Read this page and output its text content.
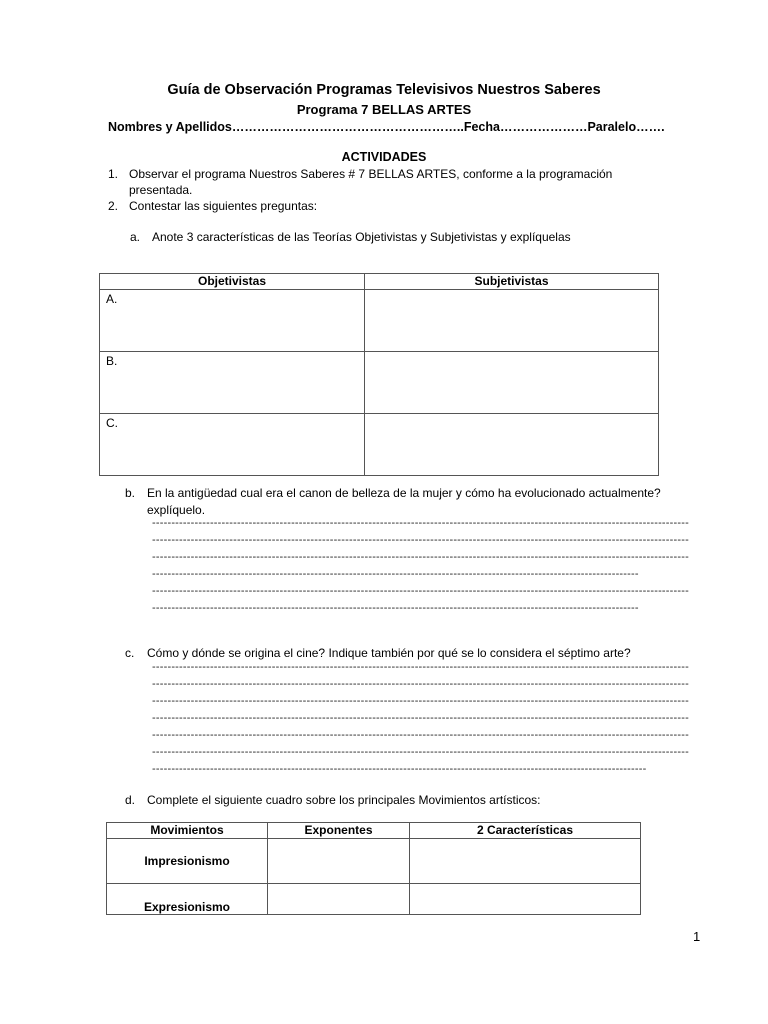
Guía de Observación Programas Televisivos Nuestros Saberes
Programa 7 BELLAS ARTES
Nombres y Apellidos………………………………………………..Fecha…………………Paralelo…….
ACTIVIDADES
1. Observar el programa Nuestros Saberes # 7 BELLAS ARTES, conforme a la programación
presentada.
2. Contestar las siguientes preguntas:
a. Anote 3 características de las Teorías Objetivistas y Subjetivistas y explíquelas
Objetivistas	Subjetivistas
A.	
B.	
C.	
b. En la antigüedad cual era el canon de belleza de la mujer y cómo ha evolucionado actualmente?
explíquelo.
-------------------------------------------------------------------------------------------------------------------------------------------
-------------------------------------------------------------------------------------------------------------------------------------------
-------------------------------------------------------------------------------------------------------------------------------------------
------------------------------------------------------------------------------------------------------------------------------
-------------------------------------------------------------------------------------------------------------------------------------------
------------------------------------------------------------------------------------------------------------------------------
c. Cómo y dónde se origina el cine? Indique también por qué se lo considera el séptimo arte?
-------------------------------------------------------------------------------------------------------------------------------------------
-------------------------------------------------------------------------------------------------------------------------------------------
-------------------------------------------------------------------------------------------------------------------------------------------
-------------------------------------------------------------------------------------------------------------------------------------------
-------------------------------------------------------------------------------------------------------------------------------------------
-------------------------------------------------------------------------------------------------------------------------------------------
--------------------------------------------------------------------------------------------------------------------------------
d. Complete el siguiente cuadro sobre los principales Movimientos artísticos:
Movimientos	Exponentes	2 Características
Impresionismo		
Expresionismo		
1
